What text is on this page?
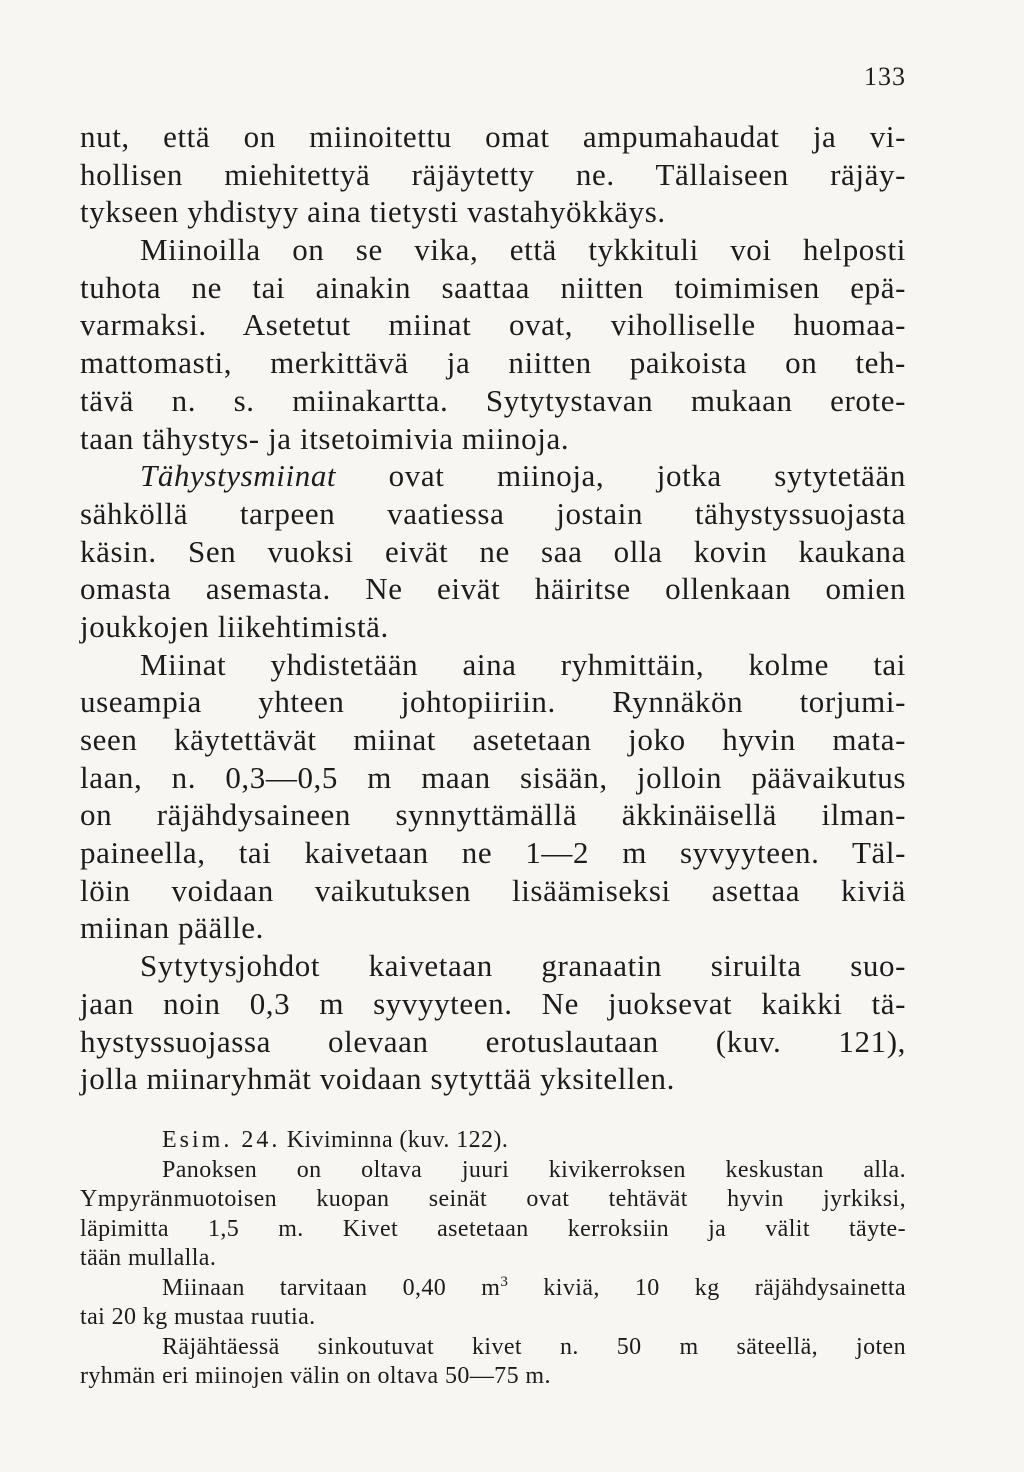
133
nut, että on miinoitettu omat ampumahaudat ja vi-
hollisen miehitettyä räjäytetty ne. Tällaiseen räjäy-
tykseen yhdistyy aina tietysti vastahyökkäys.
Miinoilla on se vika, että tykkituli voi helposti
tuhota ne tai ainakin saattaa niitten toimimisen epä-
varmaksi. Asetetut miinat ovat, viholliselle huomaa-
mattomasti, merkittävä ja niitten paikoista on teh-
tävä n. s. miinakartta. Sytytystavan mukaan erote-
taan tähystys- ja itsetoimivia miinoja.
Tähystysmiinat ovat miinoja, jotka sytytetään
sähköllä tarpeen vaatiessa jostain tähystyssuojasta
käsin. Sen vuoksi eivät ne saa olla kovin kaukana
omasta asemasta. Ne eivät häiritse ollenkaan omien
joukkojen liikehtimistä.
Miinat yhdistetään aina ryhmittäin, kolme tai
useampia yhteen johtopiiriin. Rynnäkön torjumi-
seen käytettävät miinat asetetaan joko hyvin mata-
laan, n. 0,3—0,5 m maan sisään, jolloin päävaikutus
on räjähdysaineen synnyttämällä äkkinäisellä ilman-
paineella, tai kaivetaan ne 1—2 m syvyyteen. Täl-
löin voidaan vaikutuksen lisäämiseksi asettaa kiviä
miinan päälle.
Sytytysjohdot kaivetaan granaatin siruilta suo-
jaan noin 0,3 m syvyyteen. Ne juoksevat kaikki tä-
hystyssuojassa olevaan erotuslautaan (kuv. 121),
jolla miinaryhmät voidaan sytyttää yksitellen.
Esim. 24. Kiviminna (kuv. 122).
Panoksen on oltava juuri kivikerroksen keskustan alla.
Ympyränmuotoisen kuopan seinät ovat tehtävät hyvin jyrkiksi,
läpimitta 1,5 m. Kivet asetetaan kerroksiin ja välit täyte-
tään mullalla.
Miinaan tarvitaan 0,40 $m^3$ kiviä, 10 kg räjähdysainetta
tai 20 kg mustaa ruutia.
Räjähtäessä sinkoutuvat kivet n. 50 m säteellä, joten
ryhmän eri miinojen välin on oltava 50—75 m.
